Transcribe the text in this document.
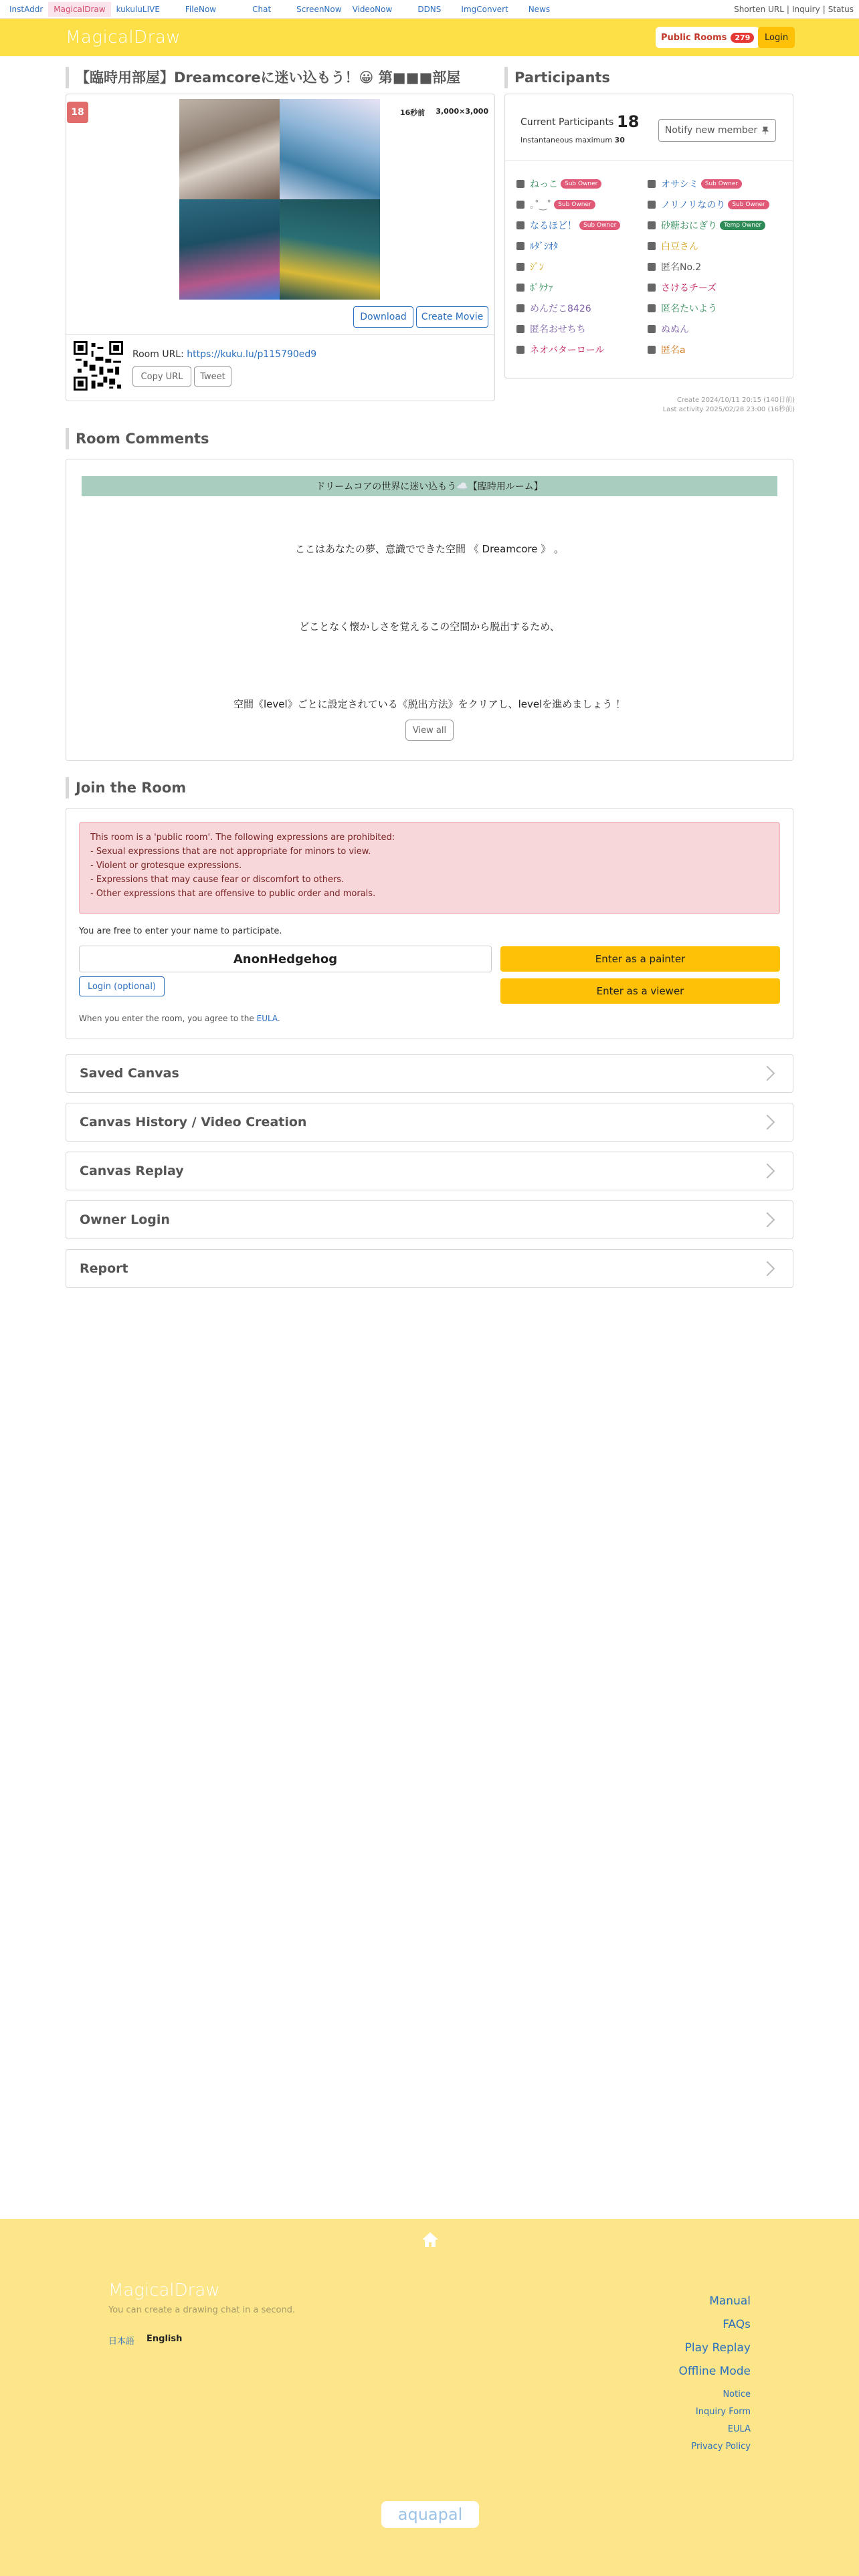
InstAddr	MagicalDraw	kukuluLIVE	FileNow	Chat	ScreenNow	VideoNow	DDNS	ImgConvert	News	Shorten URL | Inquiry | Status
MagicalDraw	Public Rooms	279	Login
【臨時用部屋】Dreamcoreに迷い込もう！😀 第■■■部屋
18	16秒前	3,000×3,000
Download	Create Movie
Room URL: https://kuku.lu/p115790ed9
Copy URL	Tweet
Participants
Current Participants 18
Instantaneous maximum 30
Notify new member
ねっこ	Sub Owner	オサシミ	Sub Owner
｡˚‿˚	Sub Owner	ノリノリなのり	Sub Owner
なるほど！	Sub Owner	砂糖おにぎり	Temp Owner
ﾙﾀﾞｼｵﾀ	白豆さん
ｼﾞﾝ	匿名No.2
ﾎﾞｹﾅｧ	さけるチーズ
めんだこ8426	匿名たいよう
匿名おせちち	ぬぬん
ネオバターロール	匿名a
Create 2024/10/11 20:15 (140日前)
Last activity 2025/02/28 23:00 (16秒前)
Room Comments
ドリームコアの世界に迷い込もう☁️【臨時用ルーム】
ここはあなたの夢、意識でできた空間 《 Dreamcore 》 。
どことなく懐かしさを覚えるこの空間から脱出するため、
空間《level》ごとに設定されている《脱出方法》をクリアし、levelを進めましょう ！
View all
Join the Room
This room is a 'public room'. The following expressions are prohibited:
- Sexual expressions that are not appropriate for minors to view.
- Violent or grotesque expressions.
- Expressions that may cause fear or discomfort to others.
- Other expressions that are offensive to public order and morals.
You are free to enter your name to participate.
AnonHedgehog	Enter as a painter
Login (optional)	Enter as a viewer
When you enter the room, you agree to the EULA.
Saved Canvas
Canvas History / Video Creation
Canvas Replay
Owner Login
Report
MagicalDraw
You can create a drawing chat in a second.
日本語 English
Manual
FAQs
Play Replay
Offline Mode
Notice
Inquiry Form
EULA
Privacy Policy
aquapal
